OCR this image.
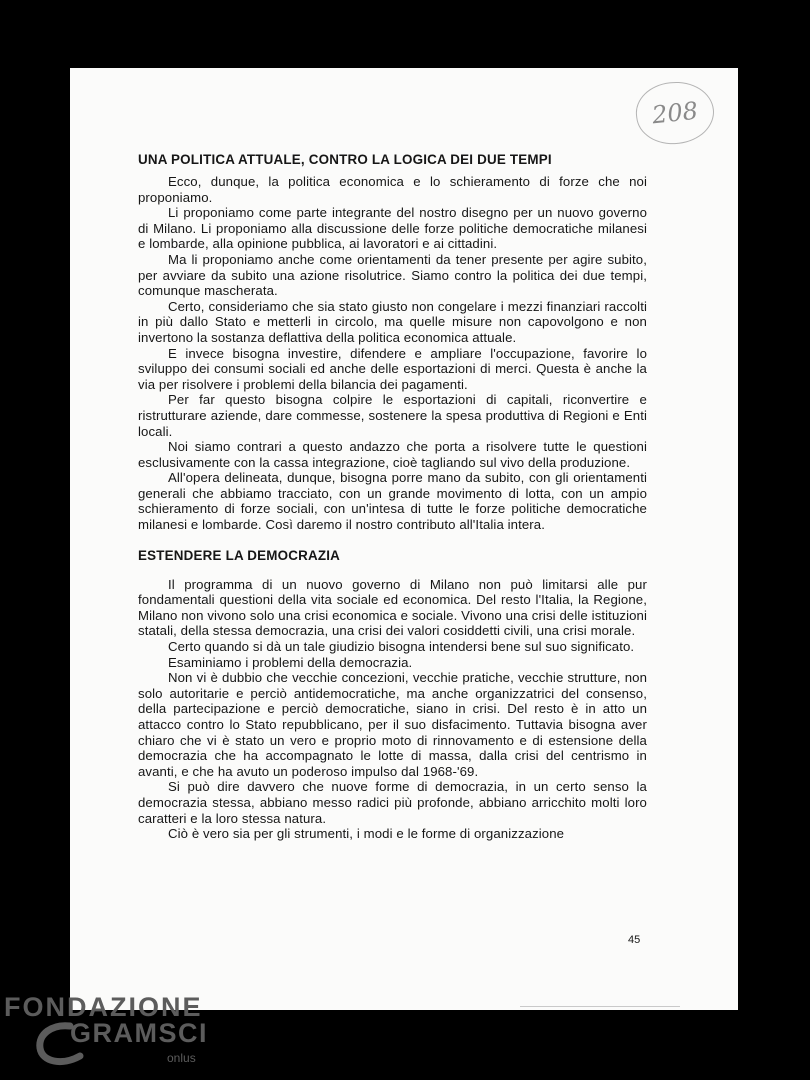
208
UNA POLITICA ATTUALE, CONTRO LA LOGICA DEI DUE TEMPI

Ecco, dunque, la politica economica e lo schieramento di forze che noi proponiamo.

Li proponiamo come parte integrante del nostro disegno per un nuovo governo di Milano. Li proponiamo alla discussione delle forze politiche democratiche milanesi e lombarde, alla opinione pubblica, ai lavoratori e ai cittadini.

Ma li proponiamo anche come orientamenti da tener presente per agire subito, per avviare da subito una azione risolutrice. Siamo contro la politica dei due tempi, comunque mascherata.

Certo, consideriamo che sia stato giusto non congelare i mezzi finanziari raccolti in più dallo Stato e metterli in circolo, ma quelle misure non capovolgono e non invertono la sostanza deflattiva della politica economica attuale.

E invece bisogna investire, difendere e ampliare l'occupazione, favorire lo sviluppo dei consumi sociali ed anche delle esportazioni di merci. Questa è anche la via per risolvere i problemi della bilancia dei pagamenti.

Per far questo bisogna colpire le esportazioni di capitali, riconvertire e ristrutturare aziende, dare commesse, sostenere la spesa produttiva di Regioni e Enti locali.

Noi siamo contrari a questo andazzo che porta a risolvere tutte le questioni esclusivamente con la cassa integrazione, cioè tagliando sul vivo della produzione.

All'opera delineata, dunque, bisogna porre mano da subito, con gli orientamenti generali che abbiamo tracciato, con un grande movimento di lotta, con un ampio schieramento di forze sociali, con un'intesa di tutte le forze politiche democratiche milanesi e lombarde. Così daremo il nostro contributo all'Italia intera.

ESTENDERE LA DEMOCRAZIA

Il programma di un nuovo governo di Milano non può limitarsi alle pur fondamentali questioni della vita sociale ed economica. Del resto l'Italia, la Regione, Milano non vivono solo una crisi economica e sociale. Vivono una crisi delle istituzioni statali, della stessa democrazia, una crisi dei valori cosiddetti civili, una crisi morale.

Certo quando si dà un tale giudizio bisogna intendersi bene sul suo significato.

Esaminiamo i problemi della democrazia.

Non vi è dubbio che vecchie concezioni, vecchie pratiche, vecchie strutture, non solo autoritarie e perciò antidemocratiche, ma anche organizzatrici del consenso, della partecipazione e perciò democratiche, siano in crisi. Del resto è in atto un attacco contro lo Stato repubblicano, per il suo disfacimento. Tuttavia bisogna aver chiaro che vi è stato un vero e proprio moto di rinnovamento e di estensione della democrazia che ha accompagnato le lotte di massa, dalla crisi del centrismo in avanti, e che ha avuto un poderoso impulso dal 1968-'69.

Si può dire davvero che nuove forme di democrazia, in un certo senso la democrazia stessa, abbiano messo radici più profonde, abbiano arricchito molti loro caratteri e la loro stessa natura.

Ciò è vero sia per gli strumenti, i modi e le forme di organizzazione

45
FONDAZIONE
GRAMSCI
onlus
